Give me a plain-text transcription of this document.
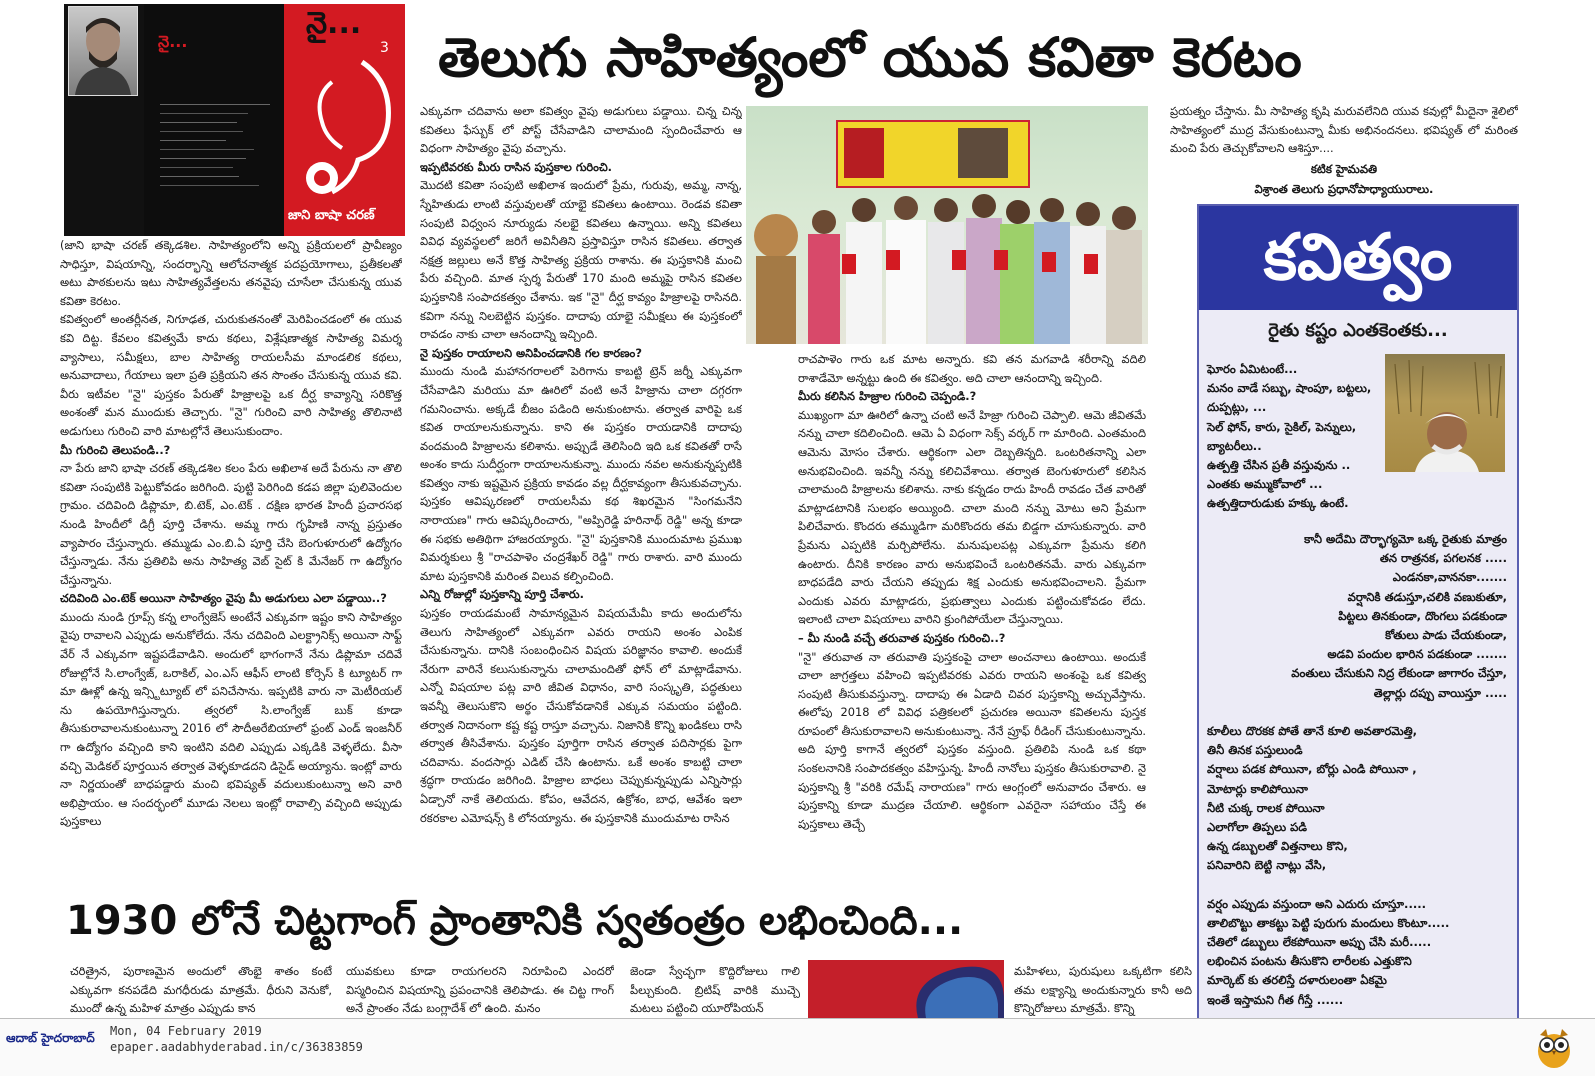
నై...
నై...
3
జాని బాషా చరణ్
తెలుగు సాహిత్యంలో యువ కవితా కెరటం

(జాని భాషా చరణ్ తక్కెడశిల. సాహిత్యంలోని అన్ని ప్రక్రియలలో ప్రావీణ్యం సాధిస్తూ, విషయాన్ని, సందర్భాన్ని ఆలోచనాత్మక పదప్రయోగాలు, ప్రతీకలతో అటు పాఠకులను ఇటు సాహిత్యవేత్తలను తనవైపు చూసేలా చేసుకున్న యువ కవితా కెరటం.

కవిత్వంలో అంతర్లీనత, నిగూఢత, చురుకుతనంతో మెరిపించడంలో ఈ యువ కవి దిట్ట. కేవలం కవిత్వమే కాదు కథలు, విశ్లేషణాత్మక సాహిత్య విమర్శ వ్యాసాలు, సమీక్షలు, బాల సాహిత్య రాయలసీమ మాండలిక కథలు, అనువాదాలు, గేయాలు ఇలా ప్రతి ప్రక్రియని తన సొంతం చేసుకున్న యువ కవి. వీరు ఇటీవల "నై" పుస్తకం పేరుతో హిజ్రాలపై ఒక దీర్ఘ కావ్యాన్ని సరికొత్త అంశంతో మన ముందుకు తెచ్చారు. "నై" గురించి వారి సాహిత్య తొలినాటి అడుగులు గురించి వారి మాటల్లోనే తెలుసుకుందాం.

మీ గురించి తెలుపండి..?

నా పేరు జాని భాషా చరణ్ తక్కెడశిల కలం పేరు అఖిలాశ అదే పేరును నా తొలి కవితా సంపుటికి పెట్టుకోవడం జరిగింది. పుట్టి పెరిగింది కడప జిల్లా పులివెందుల గ్రామం. చదివింది డిప్లొమా, బి.టెక్, ఎం.టెక్ . దక్షిణ భారత హిందీ ప్రచారసభ నుండి హిందీలో డిగ్రీ పూర్తి చేశాను. అమ్మ గారు గృహిణి నాన్న ప్రస్తుతం వ్యాపారం చేస్తున్నారు. తమ్ముడు ఎం.బి.ఏ పూర్తి చేసి బెంగుళూరులో ఉద్యోగం చేస్తున్నాడు. నేను ప్రతిలిపి అను సాహిత్య వెబ్ సైట్ కి మేనేజర్ గా ఉద్యోగం చేస్తున్నాను.

చదివింది ఎం.టెక్ అయినా సాహిత్యం వైపు మీ అడుగులు ఎలా పడ్డాయి..?

ముందు నుండి గ్రూప్స్ కన్న లాంగ్వేజెస్ అంటేనే ఎక్కువగా ఇష్టం కాని సాహిత్యం వైపు రావాలని ఎప్పుడు అనుకోలేదు. నేను చదివింది ఎలక్ట్రానిక్స్ అయినా సాఫ్ట్ వేర్ నే ఎక్కువగా ఇష్టపడేవాడిని. అందులో భాగంగానే నేను డిప్లొమా చదివే రోజుల్లోనే సి.లాంగ్వేజ్, ఒరాకిల్, ఎం.ఎస్ ఆఫీస్ లాంటి కోర్సెస్ కి ట్యూటర్ గా మా ఊళ్లో ఉన్న ఇన్స్టిట్యూట్ లో పనిచేసాను. ఇప్పటికి వారు నా మెటీరియల్ ను ఉపయోగిస్తున్నారు. త్వరలో సి.లాంగ్వేజ్ బుక్ కూడా తీసుకురావాలనుకుంటున్నా 2016 లో సౌదీఅరేబియాలో ఫ్రంట్ ఎండ్ ఇంజనీర్ గా ఉద్యోగం వచ్చింది కాని ఇంటిని వదిలి ఎప్పుడు ఎక్కడికి వెళ్ళలేదు. వీసా వచ్చి మెడికల్ పూర్తయిన తర్వాత వెళ్ళకూడదని డిసైడ్ అయ్యాను. ఇంట్లో వారు నా నిర్ణయంతో బాధపడ్డారు మంచి భవిష్యత్ వదులుకుంటున్నా అని వారి అభిప్రాయం. ఆ సందర్భంలో మూడు నెలలు ఇంట్లో రావాల్సి వచ్చింది అప్పుడు పుస్తకాలు

ఎక్కువగా చదివాను అలా కవిత్వం వైపు అడుగులు పడ్డాయి. చిన్న చిన్న కవితలు ఫేస్బుక్ లో పోస్ట్ చేసేవాడిని చాలామంది స్పందించేవారు ఆ విధంగా సాహిత్యం వైపు వచ్చాను.

ఇప్పటివరకు మీరు రాసిన పుస్తకాల గురించి.

మొదటి కవితా సంపుటి అఖిలాశ ఇందులో ప్రేమ, గురువు, అమ్మ, నాన్న, స్నేహితుడు లాంటి వస్తువులతో యాభై కవితలు ఉంటాయి. రెండవ కవితా సంపుటి విధ్వంస నూర్యుడు నలభై కవితలు ఉన్నాయి. అన్ని కవితలు వివిధ వ్యవస్థలలో జరిగే అవినీతిని ప్రస్తావిస్తూ రాసిన కవితలు. తర్వాత నక్షత్ర జల్లులు అనే కొత్త సాహిత్య ప్రక్రియ రాశాను. ఈ పుస్తకానికి మంచి పేరు వచ్చింది. మాత స్పర్శ పేరుతో 170 మంది అమ్మపై రాసిన కవితల పుస్తకానికి సంపాదకత్వం చేశాను. ఇక "నై" దీర్ఘ కావ్యం హిజ్రాలపై రాసినది. కవిగా నన్ను నిలబెట్టిన పుస్తకం. దాదాపు యాభై సమీక్షలు ఈ పుస్తకంలో రావడం నాకు చాలా ఆనందాన్ని ఇచ్చింది.

నై పుస్తకం రాయాలని అనిపించడానికి గల కారణం?

ముందు నుండి మహానగరాలలో పెరిగాను కాబట్టి ట్రెన్ జర్నీ ఎక్కువగా చేసేవాడిని మరియు మా ఊరిలో వంటి అనే హిజ్రాను చాలా దగ్గరగా గమనించాను. అక్కడే బీజం పడింది అనుకుంటాను. తర్వాత వారిపై ఒక కవిత రాయాలనుకున్నాను. కాని ఈ పుస్తకం రాయడానికి దాదాపు వందమంది హిజ్రాలను కలిశాను. అప్పుడే తెలిసింది ఇది ఒక కవితతో రాసే అంశం కాదు సుదీర్ఘంగా రాయాలనుకున్నా. ముందు నవల అనుకున్నప్పటికి కవిత్వం నాకు ఇష్టమైన ప్రక్రియ కావడం వల్ల దీర్ఘకావ్యంగా తీసుకువచ్చాను. పుస్తకం ఆవిష్కరణలో రాయలసీమ కథ శిఖరమైన "సింగమనేని నారాయణ" గారు ఆవిష్కరించారు, "అప్పిరెడ్డి హరినాథ్ రెడ్డి" అన్న కూడా ఈ సభకు అతిథిగా హాజరయ్యారు. "నై" పుస్తకానికి ముందుమాట ప్రముఖ విమర్శకులు శ్రీ "రాచపాళెం చంద్రశేఖర్ రెడ్డి" గారు రాశారు. వారి ముందు మాట పుస్తకానికి మరింత విలువ కల్పించింది.

ఎన్ని రోజుల్లో పుస్తకాన్ని పూర్తి చేశారు.

పుస్తకం రాయడమంటే సామాన్యమైన విషయమేమీ కాదు అందులోను తెలుగు సాహిత్యంలో ఎక్కువగా ఎవరు రాయని అంశం ఎంపిక చేసుకున్నాను. దానికి సంబంధించిన విషయ పరిజ్ఞానం కావాలి. అందుకే నేరుగా వారినే కలుసుకున్నాను చాలామందితో ఫోన్ లో మాట్లాడేవాను. ఎన్నో విషయాల పట్ల వారి జీవిత విధానం, వారి సంస్కృతి, పద్ధతులు ఇవన్నీ తెలుసుకొని అర్థం చేసుకోవడానికే ఎక్కువ సమయం పట్టింది. తర్వాత నిదానంగా కష్ట కష్ట రాస్తూ వచ్చాను. నిజానికి కొన్ని ఖండికలు రాసి తర్వాత తీసివేశాను. పుస్తకం పూర్తిగా రాసిన తర్వాత పదిసార్లకు పైగా చదివాను. వందసార్లు ఎడిట్ చేసి ఉంటాను. ఒకే అంశం కాబట్టి చాలా శ్రద్ధగా రాయడం జరిగింది. హిజ్రాల బాధలు చెప్పుకున్నప్పుడు ఎన్నిసార్లు ఏడ్చానో నాకే తెలియదు. కోపం, ఆవేదన, ఉక్రోశం, బాధ, ఆవేశం ఇలా రకరకాల ఎమోషన్స్ కి లోనయ్యాను. ఈ పుస్తకానికి ముందుమాట రాసిన

రాచపాళెం గారు ఒక మాట అన్నారు. కవి తన మగవాడి శరీరాన్ని వదిలి రాశాడేమో అన్నట్టు ఉంది ఈ కవిత్వం. అది చాలా ఆనందాన్ని ఇచ్చింది.

మీరు కలిసిన హిజ్రాల గురించి చెప్పండి.?

ముఖ్యంగా మా ఊరిలో ఉన్నా చంటి అనే హిజ్రా గురించి చెప్పాలి. ఆమె జీవితమే నన్ను చాలా కదిలించింది. ఆమె ఏ విధంగా సెక్స్ వర్కర్ గా మారింది. ఎంతమంది ఆమెను మోసం చేశారు. ఆర్థికంగా ఎలా దెబ్బతిన్నది. ఒంటరితనాన్ని ఎలా అనుభవించింది. ఇవన్నీ నన్ను కలిచివేశాయి. తర్వాత బెంగుళూరులో కలిసిన చాలామంది హిజ్రాలను కలిశాను. నాకు కన్నడం రాదు హిందీ రావడం చేత వారితో మాట్లాడటానికి సులభం అయ్యింది. చాలా మంది నన్ను మోటు అని ప్రేమగా పిలిచేవారు. కొందరు తమ్ముడిగా మరికొందరు తమ బిడ్డగా చూసుకున్నారు. వారి ప్రేమను ఎప్పటికి మర్చిపోలేను. మనుషులపట్ల ఎక్కువగా ప్రేమను కలిగి ఉంటారు. దీనికి కారణం వారు అనుభవించే ఒంటరితనమే. వారు ఎక్కువగా బాధపడేది వారు చేయని తప్పుడు శిక్ష ఎందుకు అనుభవించాలని. ప్రేమగా ఎందుకు ఎవరు మాట్లాడరు, ప్రభుత్వాలు ఎందుకు పట్టించుకోవడం లేదు. ఇలాంటి చాలా విషయాలు వారిని క్రుంగిపోయేలా చేస్తున్నాయి.

– మీ నుండి వచ్చే తరువాత పుస్తకం గురించి..?

"నై" తరువాత నా తరువాతి పుస్తకంపై చాలా అంచనాలు ఉంటాయి. అందుకే చాలా జాగ్రత్తలు వహించి ఇప్పటివరకు ఎవరు రాయని అంశంపై ఒక కవిత్వ సంపుటి తీసుకువస్తున్నా. దాదాపు ఈ ఏడాది చివర పుస్తకాన్ని అచ్చువేస్తాను. ఈలోపు 2018 లో వివిధ పత్రికలలో ప్రచురణ అయినా కవితలను పుస్తక రూపంలో తీసుకురావాలని అనుకుంటున్నా. నేనే ప్రూఫ్ రీడింగ్ చేసుకుంటున్నాను. అది పూర్తి కాగానే త్వరలో పుస్తకం వస్తుంది. ప్రతిలిపి నుండి ఒక కథా సంకలనానికి సంపాదకత్వం వహిస్తున్న. హిందీ నానోలు పుస్తకం తీసుకురావాలి. నై పుస్తకాన్ని శ్రీ "వరికి రమేష్ నారాయణ" గారు ఆంగ్లంలో అనువాదం చేశారు. ఆ పుస్తకాన్ని కూడా ముద్రణ చేయాలి. ఆర్థికంగా ఎవరైనా సహాయం చేస్తే ఈ పుస్తకాలు తెచ్చే

ప్రయత్నం చేస్తాను. మీ సాహిత్య కృషి మరువలేనిది యువ కవుల్లో మీదైనా శైలిలో సాహిత్యంలో ముద్ర వేసుకుంటున్నా మీకు అభినందనలు. భవిష్యత్ లో మరింత మంచి పేరు తెచ్చుకోవాలని ఆశిస్తూ....

కటిక హైమవతి
విశ్రాంత తెలుగు ప్రధానోపాధ్యాయురాలు.
కవిత్వం
రైతు కష్టం ఎంతకెంతకు...
ఘోరం ఏమిటంటే...
మనం వాడే సబ్బు, షాంపూ, బట్టలు,
దుప్పట్లు, ...
సెల్ ఫోన్, కారు, సైకిల్, పెన్నులు,
బ్యాటరీలు..
ఉత్పత్తి చేసిన ప్రతీ వస్తువును ..
ఎంతకు అమ్ముకోవాలో ...
ఉత్పత్తిదారుడుకు హక్కు ఉంటే.
కానీ అదేమి దౌర్భాగ్యమో ఒక్క రైతుకు మాత్రం
తన రాత్రనక, పగలనక .....
ఎండనకా,వాననకా.......
వర్షానికి తడుస్తూ,చలికి వణుకుతూ,
పిట్టలు తినకుండా, దొంగలు పడకుండా
కోతులు పాడు చేయకుండా,
అడవి పందుల భారిన పడకుండా .......
వంతులు చేసుకుని నిద్ర లేకుండా జాగారం చేస్తూ,
తెల్లార్లు దప్పు వాయిస్తూ .....
కూలీలు దొరకక పోతే తానే కూలి అవతారమెత్తి,
తినీ తినక పస్తులుండి
వర్షాలు పడక పోయినా, బోర్లు ఎండి పోయినా ,
మోటార్లు కాలిపోయినా
నీటి చుక్క రాలక పోయినా
ఎలాగోలా తిప్పలు పడి
ఉన్న డబ్బులతో విత్తనాలు కొని,
పనివారిని బెట్టి నాట్లు వేసి,
వర్షం ఎప్పుడు వస్తుందా అని ఎదురు చూస్తూ.....
తాలిబొట్టు తాకట్టు పెట్టి పురుగు మందులు కొంటూ.....
చేతిలో డబ్బులు లేకపోయినా అప్పు చేసి మరీ.....
లభించిన పంటను తీసుకొని లారీలకు ఎత్తుకొని
మార్కెట్ కు తరలిస్తే దళారులంతా ఏకమై
ఇంతే ఇస్తామని గీత గీస్తే ......
1930 లోనే చిట్టగాంగ్ ప్రాంతానికి స్వతంత్రం లభించింది...
చరిత్రైన, పురాణమైన అందులో తొంభై శాతం కంటే ఎక్కువగా కనపడేది మగధీరుడు మాత్రమే. ధీరుని వెనుకో, ముందో ఉన్న మహిళ మాత్రం ఎప్పుడు కాన
యువకులు కూడా రాయగలరని నిరూపించి ఎందరో విస్మరించిన విషయాన్ని ప్రపంచానికి తెలిపాడు. ఈ చిట్ట గాంగ్ అనే ప్రాంతం నేడు బంగ్లాదేశ్ లో ఉంది. మనం
జెండా స్వేచ్ఛగా కొద్దిరోజులు గాలి పీల్చుకుంది. బ్రిటిష్ వారికి ముచ్చె మటలు పట్టించి యూరోపియన్
మహిళలు, పురుషులు ఒక్కటిగా కలిసి తమ లక్ష్యాన్ని అందుకున్నారు కానీ అది కొన్నిరోజులు మాత్రమే. కొన్ని
ఆదాబ్ హైదరాబాద్	Mon, 04 February 2019
epaper.aadabhyderabad.in/c/36383859
